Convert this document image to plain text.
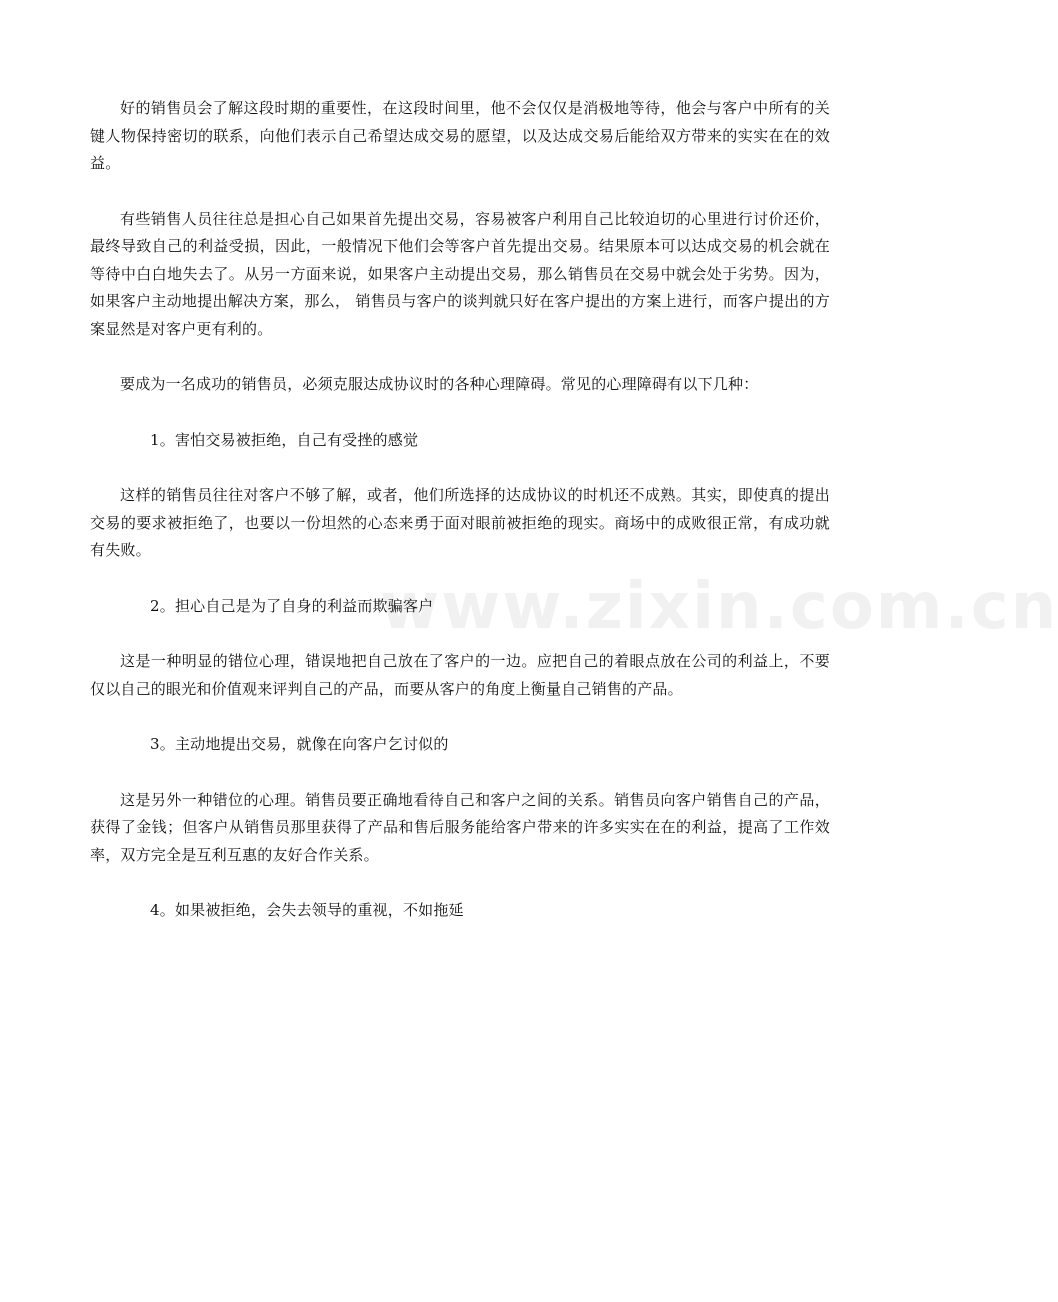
www.zixin.com.cn

好的销售员会了解这段时期的重要性，在这段时间里，他不会仅仅是消极地等待，他会与客户中所有的关键人物保持密切的联系，向他们表示自己希望达成交易的愿望，以及达成交易后能给双方带来的实实在在的效益。

有些销售人员往往总是担心自己如果首先提出交易，容易被客户利用自己比较迫切的心里进行讨价还价，最终导致自己的利益受损，因此，一般情况下他们会等客户首先提出交易。结果原本可以达成交易的机会就在等待中白白地失去了。从另一方面来说，如果客户主动提出交易，那么销售员在交易中就会处于劣势。因为，如果客户主动地提出解决方案，那么， 销售员与客户的谈判就只好在客户提出的方案上进行，而客户提出的方案显然是对客户更有利的。

要成为一名成功的销售员，必须克服达成协议时的各种心理障碍。常见的心理障碍有以下几种：

1。害怕交易被拒绝，自己有受挫的感觉

这样的销售员往往对客户不够了解，或者，他们所选择的达成协议的时机还不成熟。其实，即使真的提出交易的要求被拒绝了，也要以一份坦然的心态来勇于面对眼前被拒绝的现实。商场中的成败很正常，有成功就有失败。

2。担心自己是为了自身的利益而欺骗客户

这是一种明显的错位心理，错误地把自己放在了客户的一边。应把自己的着眼点放在公司的利益上，不要仅以自己的眼光和价值观来评判自己的产品，而要从客户的角度上衡量自己销售的产品。

3。主动地提出交易，就像在向客户乞讨似的

这是另外一种错位的心理。销售员要正确地看待自己和客户之间的关系。销售员向客户销售自己的产品，获得了金钱；但客户从销售员那里获得了产品和售后服务能给客户带来的许多实实在在的利益，提高了工作效率，双方完全是互利互惠的友好合作关系。

4。如果被拒绝，会失去领导的重视，不如拖延
